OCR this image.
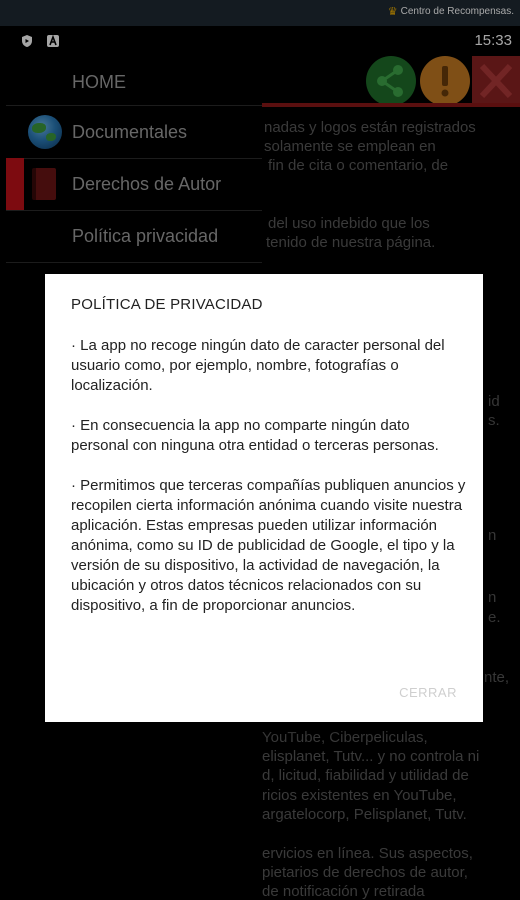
♛ Centro de Recompensas.
15:33
nadas y logos están registrados
solamente se emplean en
fin de cita o comentario, de
del uso indebido que los
tenido de nuestra página.
id
s.
n
n
e.
nte,
YouTube, Ciberpeliculas,
elisplanet, Tutv... y no controla ni
d, licitud, fiabilidad y utilidad de
ricios existentes en YouTube,
argatelocorp, Pelisplanet, Tutv.
ervicios en línea. Sus aspectos,
pietarios de derechos de autor,
de notificación y retirada
HOME
Documentales
Derechos de Autor
Política privacidad
POLÍTICA DE PRIVACIDAD

· La app no recoge ningún dato de caracter personal del usuario como, por ejemplo, nombre, fotografías o localización.

· En consecuencia la app no comparte ningún dato personal con ninguna otra entidad o terceras personas.

· Permitimos que terceras compañías publiquen anuncios y recopilen cierta información anónima cuando visite nuestra aplicación. Estas empresas pueden utilizar información anónima, como su ID de publicidad de Google, el tipo y la versión de su dispositivo, la actividad de navegación, la ubicación y otros datos técnicos relacionados con su dispositivo, a fin de proporcionar anuncios.

CERRAR
